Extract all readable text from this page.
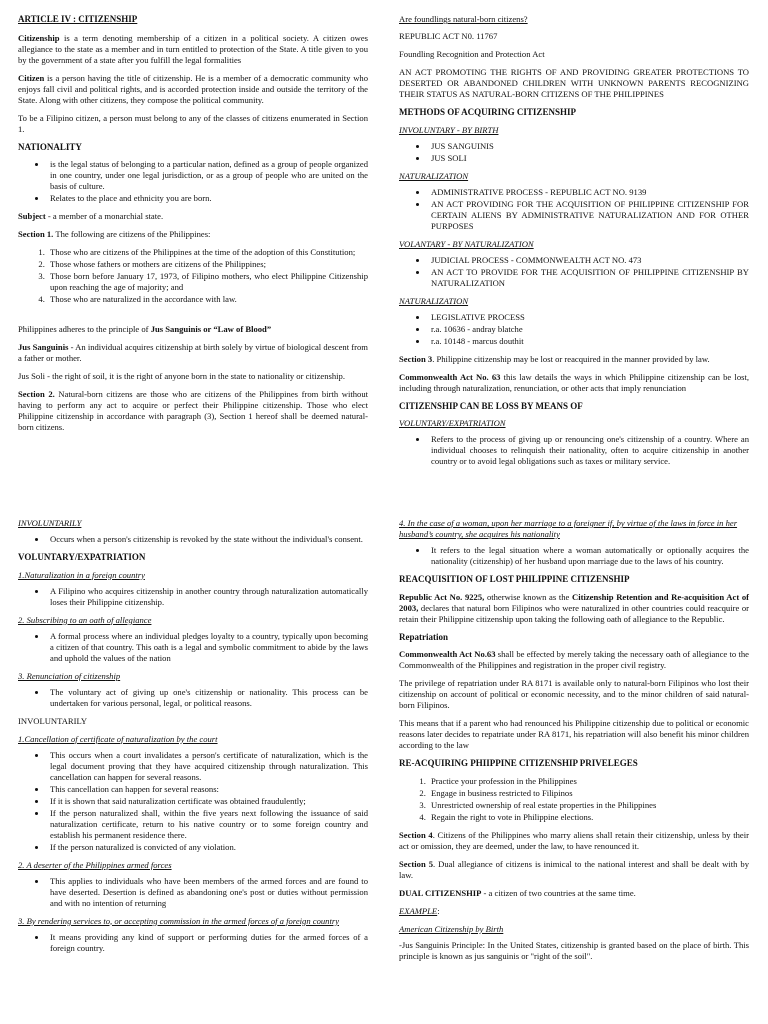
ARTICLE IV : CITIZENSHIP

Citizenship is a term denoting membership of a citizen in a political society. A citizen owes allegiance to the state as a member and in turn entitled to protection of the State. A title given to you by the government of a state after you fulfill the legal formalities

Citizen is a person having the title of citizenship. He is a member of a democratic community who enjoys fall civil and political rights, and is accorded protection inside and outside the territory of the State. Along with other citizens, they compose the political community.

To be a Filipino citizen, a person must belong to any of the classes of citizens enumerated in Section 1.

NATIONALITY
• is the legal status of belonging to a particular nation, defined as a group of people organized in one country, under one legal jurisdiction, or as a group of people who are united on the basis of culture.
• Relates to the place and ethnicity you are born.

Subject - a member of a monarchial state.

Section 1. The following are citizens of the Philippines:

1. Those who are citizens of the Philippines at the time of the adoption of this Constitution;
2. Those whose fathers or mothers are citizens of the Philippines;
3. Those born before January 17, 1973, of Filipino mothers, who elect Philippine Citizenship upon reaching the age of majority; and
4. Those who are naturalized in the accordance with law.

Philippines adheres to the principle of Jus Sanguinis or “Law of Blood”

Jus Sanguinis - An individual acquires citizenship at birth solely by virtue of biological descent from a father or mother.

Jus Soli - the right of soil, it is the right of anyone born in the state to nationality or citizenship.

Section 2. Natural-born citizens are those who are citizens of the Philippines from birth without having to perform any act to acquire or perfect their Philippine citizenship. Those who elect Philippine citizenship in accordance with paragraph (3), Section 1 hereof shall be deemed natural-born citizens.

Are foundlings natural-born citizens?

REPUBLIC ACT N0. 11767

Foundling Recognition and Protection Act

AN ACT PROMOTING THE RIGHTS OF AND PROVIDING GREATER PROTECTIONS TO DESERTED OR ABANDONED CHILDREN WITH UNKNOWN PARENTS RECOGNIZING THEIR STATUS AS NATURAL-BORN CITIZENS OF THE PHILIPPINES

METHODS OF ACQUIRING CITIZENSHIP
INVOLUNTARY - BY BIRTH
• JUS SANGUINIS
• JUS SOLI
NATURALIZATION
• ADMINISTRATIVE PROCESS - REPUBLIC ACT NO. 9139
• AN ACT PROVIDING FOR THE ACQUISITION OF PHILIPPINE CITIZENSHIP FOR CERTAIN ALIENS BY ADMINISTRATIVE NATURALIZATION AND FOR OTHER PURPOSES
VOLANTARY - BY NATURALIZATION
• JUDICIAL PROCESS - COMMONWEALTH ACT NO. 473
• AN ACT TO PROVIDE FOR THE ACQUISITION OF PHILIPPINE CITIZENSHIP BY NATURALIZATION
NATURALIZATION
• LEGISLATIVE PROCESS
• r.a. 10636 - andray blatche
• r.a. 10148 - marcus douthit

Section 3. Philippine citizenship may be lost or reacquired in the manner provided by law.

Commonwealth Act No. 63 this law details the ways in which Philippine citizenship can be lost, including through naturalization, renunciation, or other acts that imply renunciation

CITIZENSHIP CAN BE LOSS BY MEANS OF
VOLUNTARY/EXPATRIATION
• Refers to the process of giving up or renouncing one's citizenship of a country. Where an individual chooses to relinquish their nationality, often to acquire citizenship in another country or to avoid legal obligations such as taxes or military service.
INVOLUNTARILY
• Occurs when a person's citizenship is revoked by the state without the individual's consent.
VOLUNTARY/EXPATRIATION
1.Naturalization in a foreign country
• A Filipino who acquires citizenship in another country through naturalization automatically loses their Philippine citizenship.
2. Subscribing to an oath of allegiance
• A formal process where an individual pledges loyalty to a country, typically upon becoming a citizen of that country. This oath is a legal and symbolic commitment to abide by the laws and uphold the values of the nation
3. Renunciation of citizenship
• The voluntary act of giving up one's citizenship or nationality. This process can be undertaken for various personal, legal, or political reasons.

INVOLUNTARILY

1.Cancellation of certificate of naturalization by the court
• This occurs when a court invalidates a person's certificate of naturalization, which is the legal document proving that they have acquired citizenship through naturalization. This cancellation can happen for several reasons.
• This cancellation can happen for several reasons:
• If it is shown that said naturalization certificate was obtained fraudulently;
• If the person naturalized shall, within the five years next following the issuance of said naturalization certificate, return to his native country or to some foreign country and establish his permanent residence there.
• If the person naturalized is convicted of any violation.
2. A deserter of the Philippines armed forces
• This applies to individuals who have been members of the armed forces and are found to have deserted. Desertion is defined as abandoning one's post or duties without permission and with no intention of returning
3. By rendering services to, or accepting commission in the armed forces of a foreign country
• It means providing any kind of support or performing duties for the armed forces of a foreign country.
4. In the case of a woman, upon her marriage to a foreigner if, by virtue of the laws in force in her husband’s country, she acquires his nationality
• It refers to the legal situation where a woman automatically or optionally acquires the nationality (citizenship) of her husband upon marriage due to the laws of his country.
REACQUISITION OF LOST PHILIPPINE CITIZENSHIP

Republic Act No. 9225, otherwise known as the Citizenship Retention and Re-acquisition Act of 2003, declares that natural born Filipinos who were naturalized in other countries could reacquire or retain their Philippine citizenship upon taking the following oath of allegiance to the Republic.

Repatriation

Commonwealth Act No.63 shall be effected by merely taking the necessary oath of allegiance to the Commonwealth of the Philippines and registration in the proper civil registry.

The privilege of repatriation under RA 8171 is available only to natural-born Filipinos who lost their citizenship on account of political or economic necessity, and to the minor children of said natural-born Filipinos.

This means that if a parent who had renounced his Philippine citizenship due to political or economic reasons later decides to repatriate under RA 8171, his repatriation will also benefit his minor children according to the law

RE-ACQUIRING PHIIPPINE CITIZENSHIP PRIVELEGES
1. Practice your profession in the Philippines
2. Engage in business restricted to Filipinos
3. Unrestricted ownership of real estate properties in the Philippines
4. Regain the right to vote in Philippine elections.

Section 4. Citizens of the Philippines who marry aliens shall retain their citizenship, unless by their act or omission, they are deemed, under the law, to have renounced it.

Section 5. Dual allegiance of citizens is inimical to the national interest and shall be dealt with by law.

DUAL CITIZENSHIP - a citizen of two countries at the same time.

EXAMPLE:

American Citizenship by Birth

-Jus Sanguinis Principle: In the United States, citizenship is granted based on the place of birth. This principle is known as jus sanguinis or "right of the soil".
